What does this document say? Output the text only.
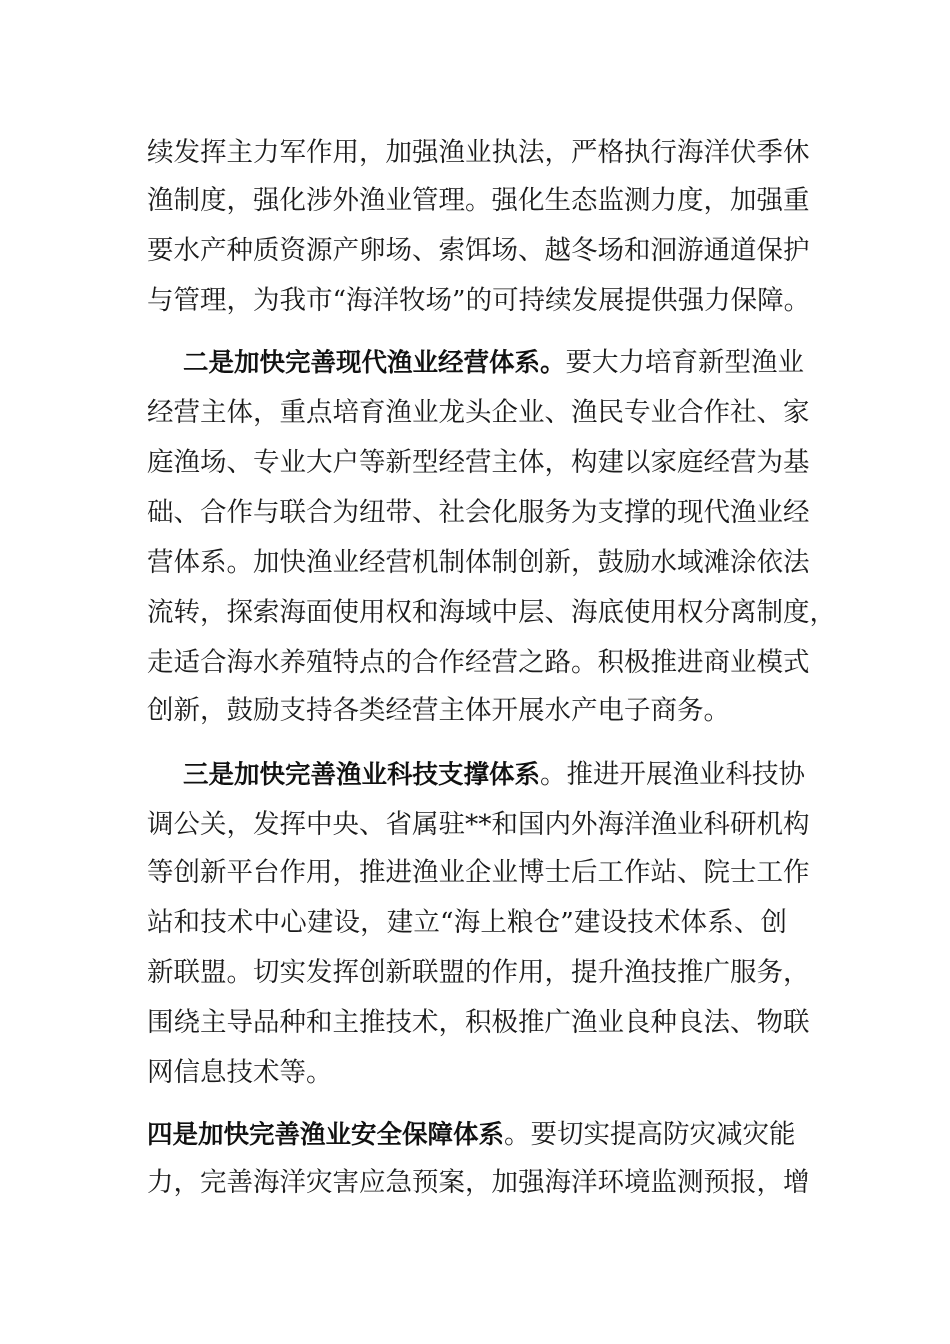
续发挥主力军作用，加强渔业执法，严格执行海洋伏季休
渔制度，强化涉外渔业管理。强化生态监测力度，加强重
要水产种质资源产卵场、索饵场、越冬场和洄游通道保护
与管理，为我市“海洋牧场”的可持续发展提供强力保障。
二是加快完善现代渔业经营体系。要大力培育新型渔业
经营主体，重点培育渔业龙头企业、渔民专业合作社、家
庭渔场、专业大户等新型经营主体，构建以家庭经营为基
础、合作与联合为纽带、社会化服务为支撑的现代渔业经
营体系。加快渔业经营机制体制创新，鼓励水域滩涂依法
流转，探索海面使用权和海域中层、海底使用权分离制度，
走适合海水养殖特点的合作经营之路。积极推进商业模式
创新，鼓励支持各类经营主体开展水产电子商务。
三是加快完善渔业科技支撑体系。推进开展渔业科技协
调公关，发挥中央、省属驻**和国内外海洋渔业科研机构
等创新平台作用，推进渔业企业博士后工作站、院士工作
站和技术中心建设，建立“海上粮仓”建设技术体系、创
新联盟。切实发挥创新联盟的作用，提升渔技推广服务，
围绕主导品种和主推技术，积极推广渔业良种良法、物联
网信息技术等。
四是加快完善渔业安全保障体系。要切实提高防灾减灾能
力，完善海洋灾害应急预案，加强海洋环境监测预报，增
